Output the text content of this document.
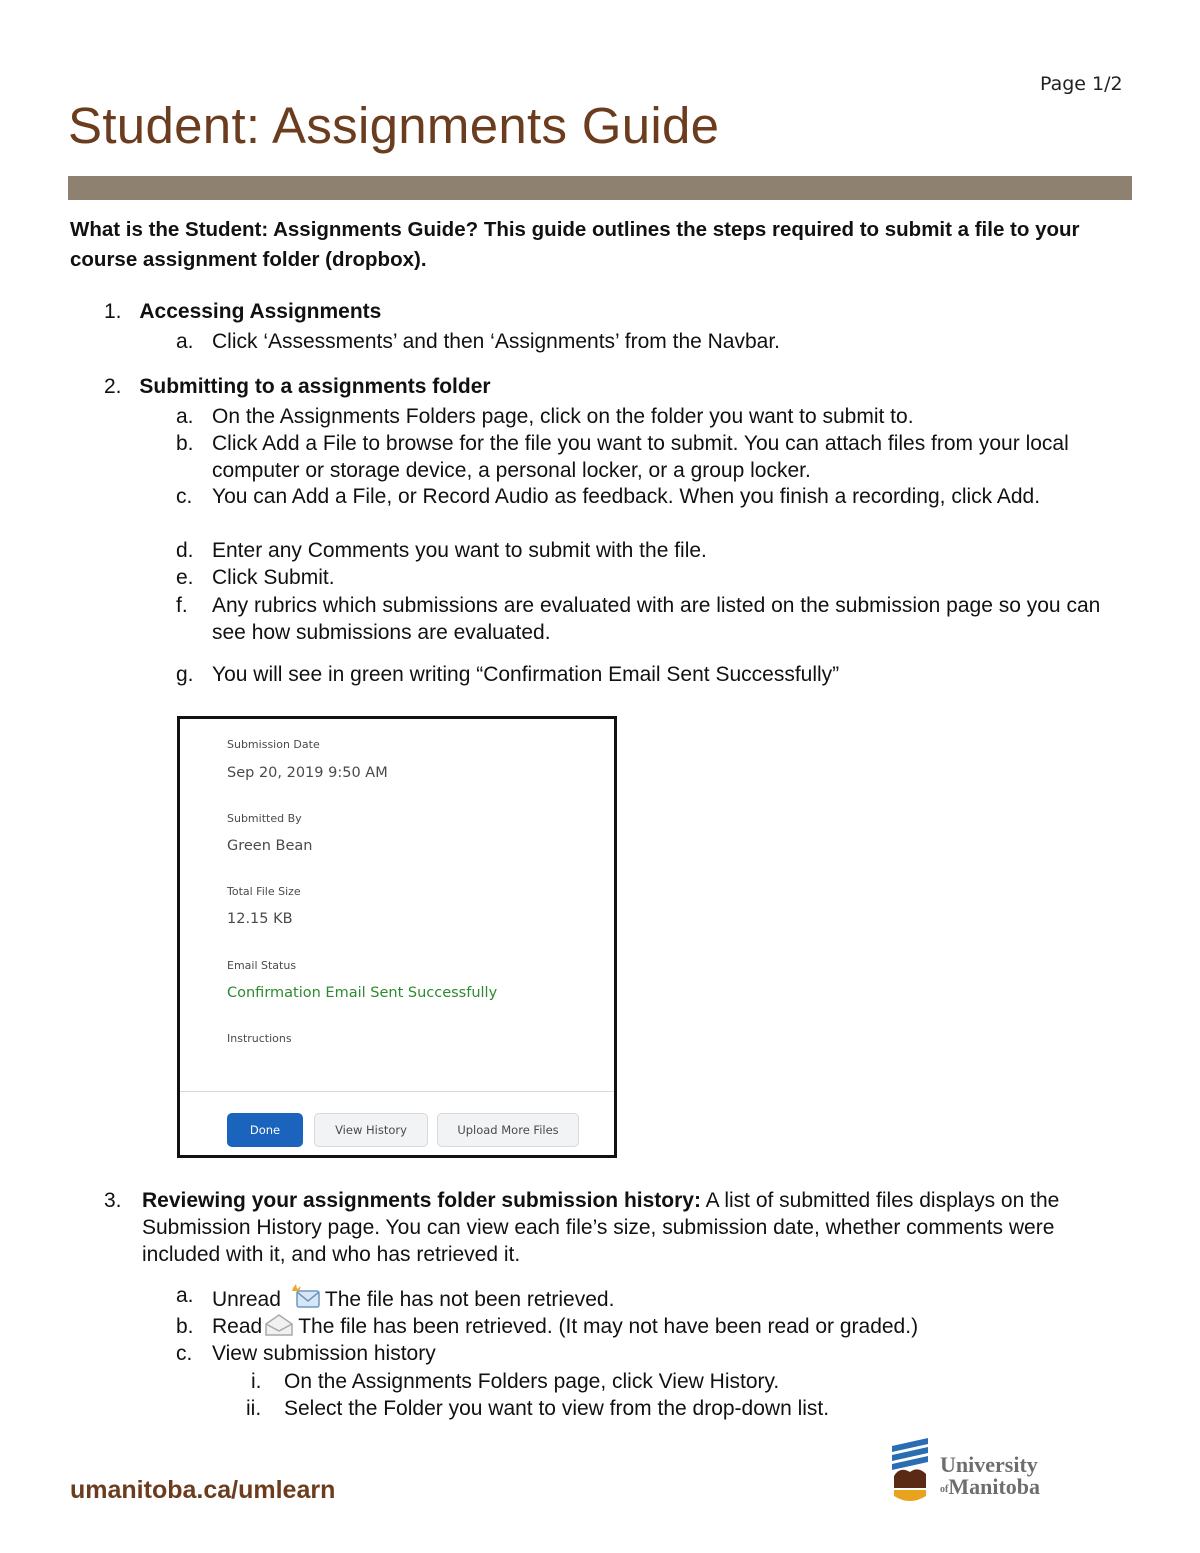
Page 1/2
Student: Assignments Guide

What is the Student: Assignments Guide? This guide outlines the steps required to submit a file to your course assignment folder (dropbox).

1. Accessing Assignments
a. Click ‘Assessments’ and then ‘Assignments’ from the Navbar.
2. Submitting to a assignments folder
a. On the Assignments Folders page, click on the folder you want to submit to.
b. Click Add a File to browse for the file you want to submit. You can attach files from your local computer or storage device, a personal locker, or a group locker.
c. You can Add a File, or Record Audio as feedback. When you finish a recording, click Add.
d. Enter any Comments you want to submit with the file.
e. Click Submit.
f. Any rubrics which submissions are evaluated with are listed on the submission page so you can see how submissions are evaluated.
g. You will see in green writing “Confirmation Email Sent Successfully”
Submission Date
Sep 20, 2019 9:50 AM
Submitted By
Green Bean
Total File Size
12.15 KB
Email Status
Confirmation Email Sent Successfully
Instructions
Done	View History	Upload More Files
3. Reviewing your assignments folder submission history: A list of submitted files displays on the Submission History page. You can view each file’s size, submission date, whether comments were included with it, and who has retrieved it.
a. Unread The file has not been retrieved.
b. Read The file has been retrieved. (It may not have been read or graded.)
c. View submission history
i. On the Assignments Folders page, click View History.
ii. Select the Folder you want to view from the drop-down list.
umanitoba.ca/umlearn
University
ofManitoba
